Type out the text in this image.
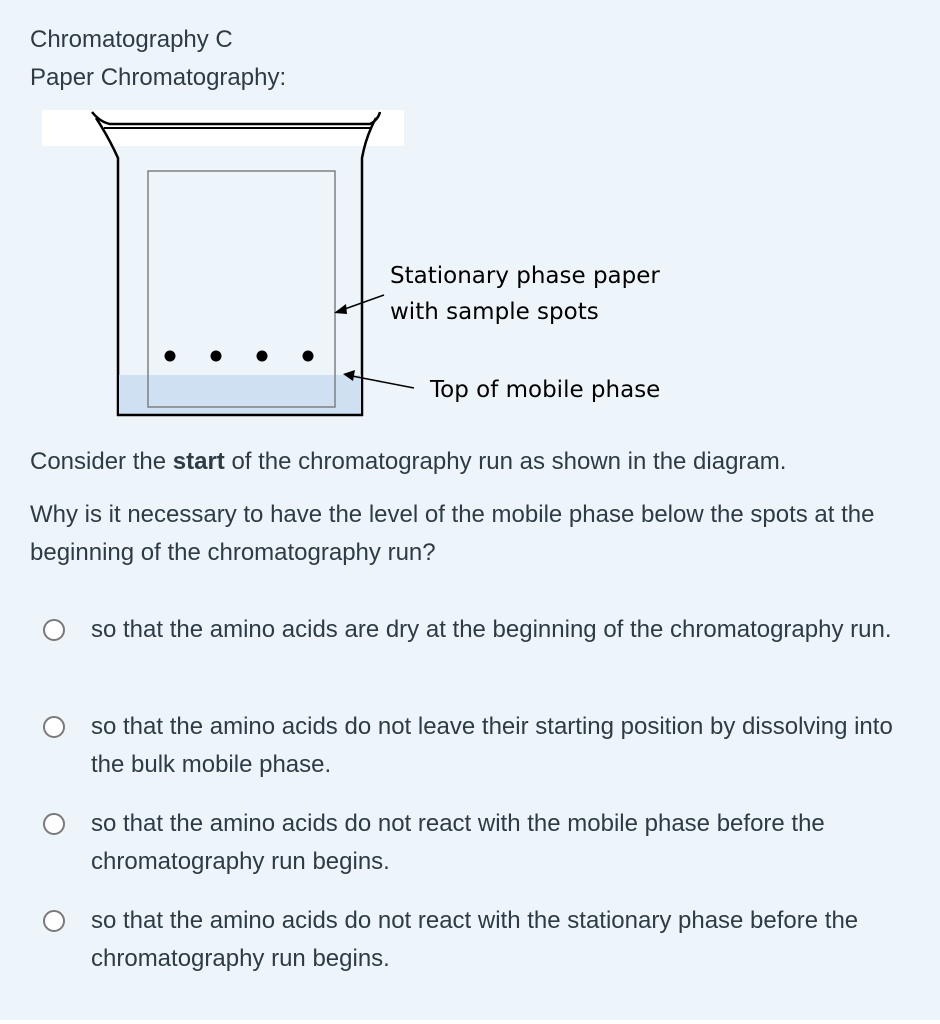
Chromatography C
Paper Chromatography:
Stationary phase paper
with sample spots
Top of mobile phase
Consider the start of the chromatography run as shown in the diagram.
Why is it necessary to have the level of the mobile phase below the spots at the beginning of the chromatography run?
so that the amino acids are dry at the beginning of the chromatography run.
so that the amino acids do not leave their starting position by dissolving into the bulk mobile phase.
so that the amino acids do not react with the mobile phase before the chromatography run begins.
so that the amino acids do not react with the stationary phase before the chromatography run begins.
